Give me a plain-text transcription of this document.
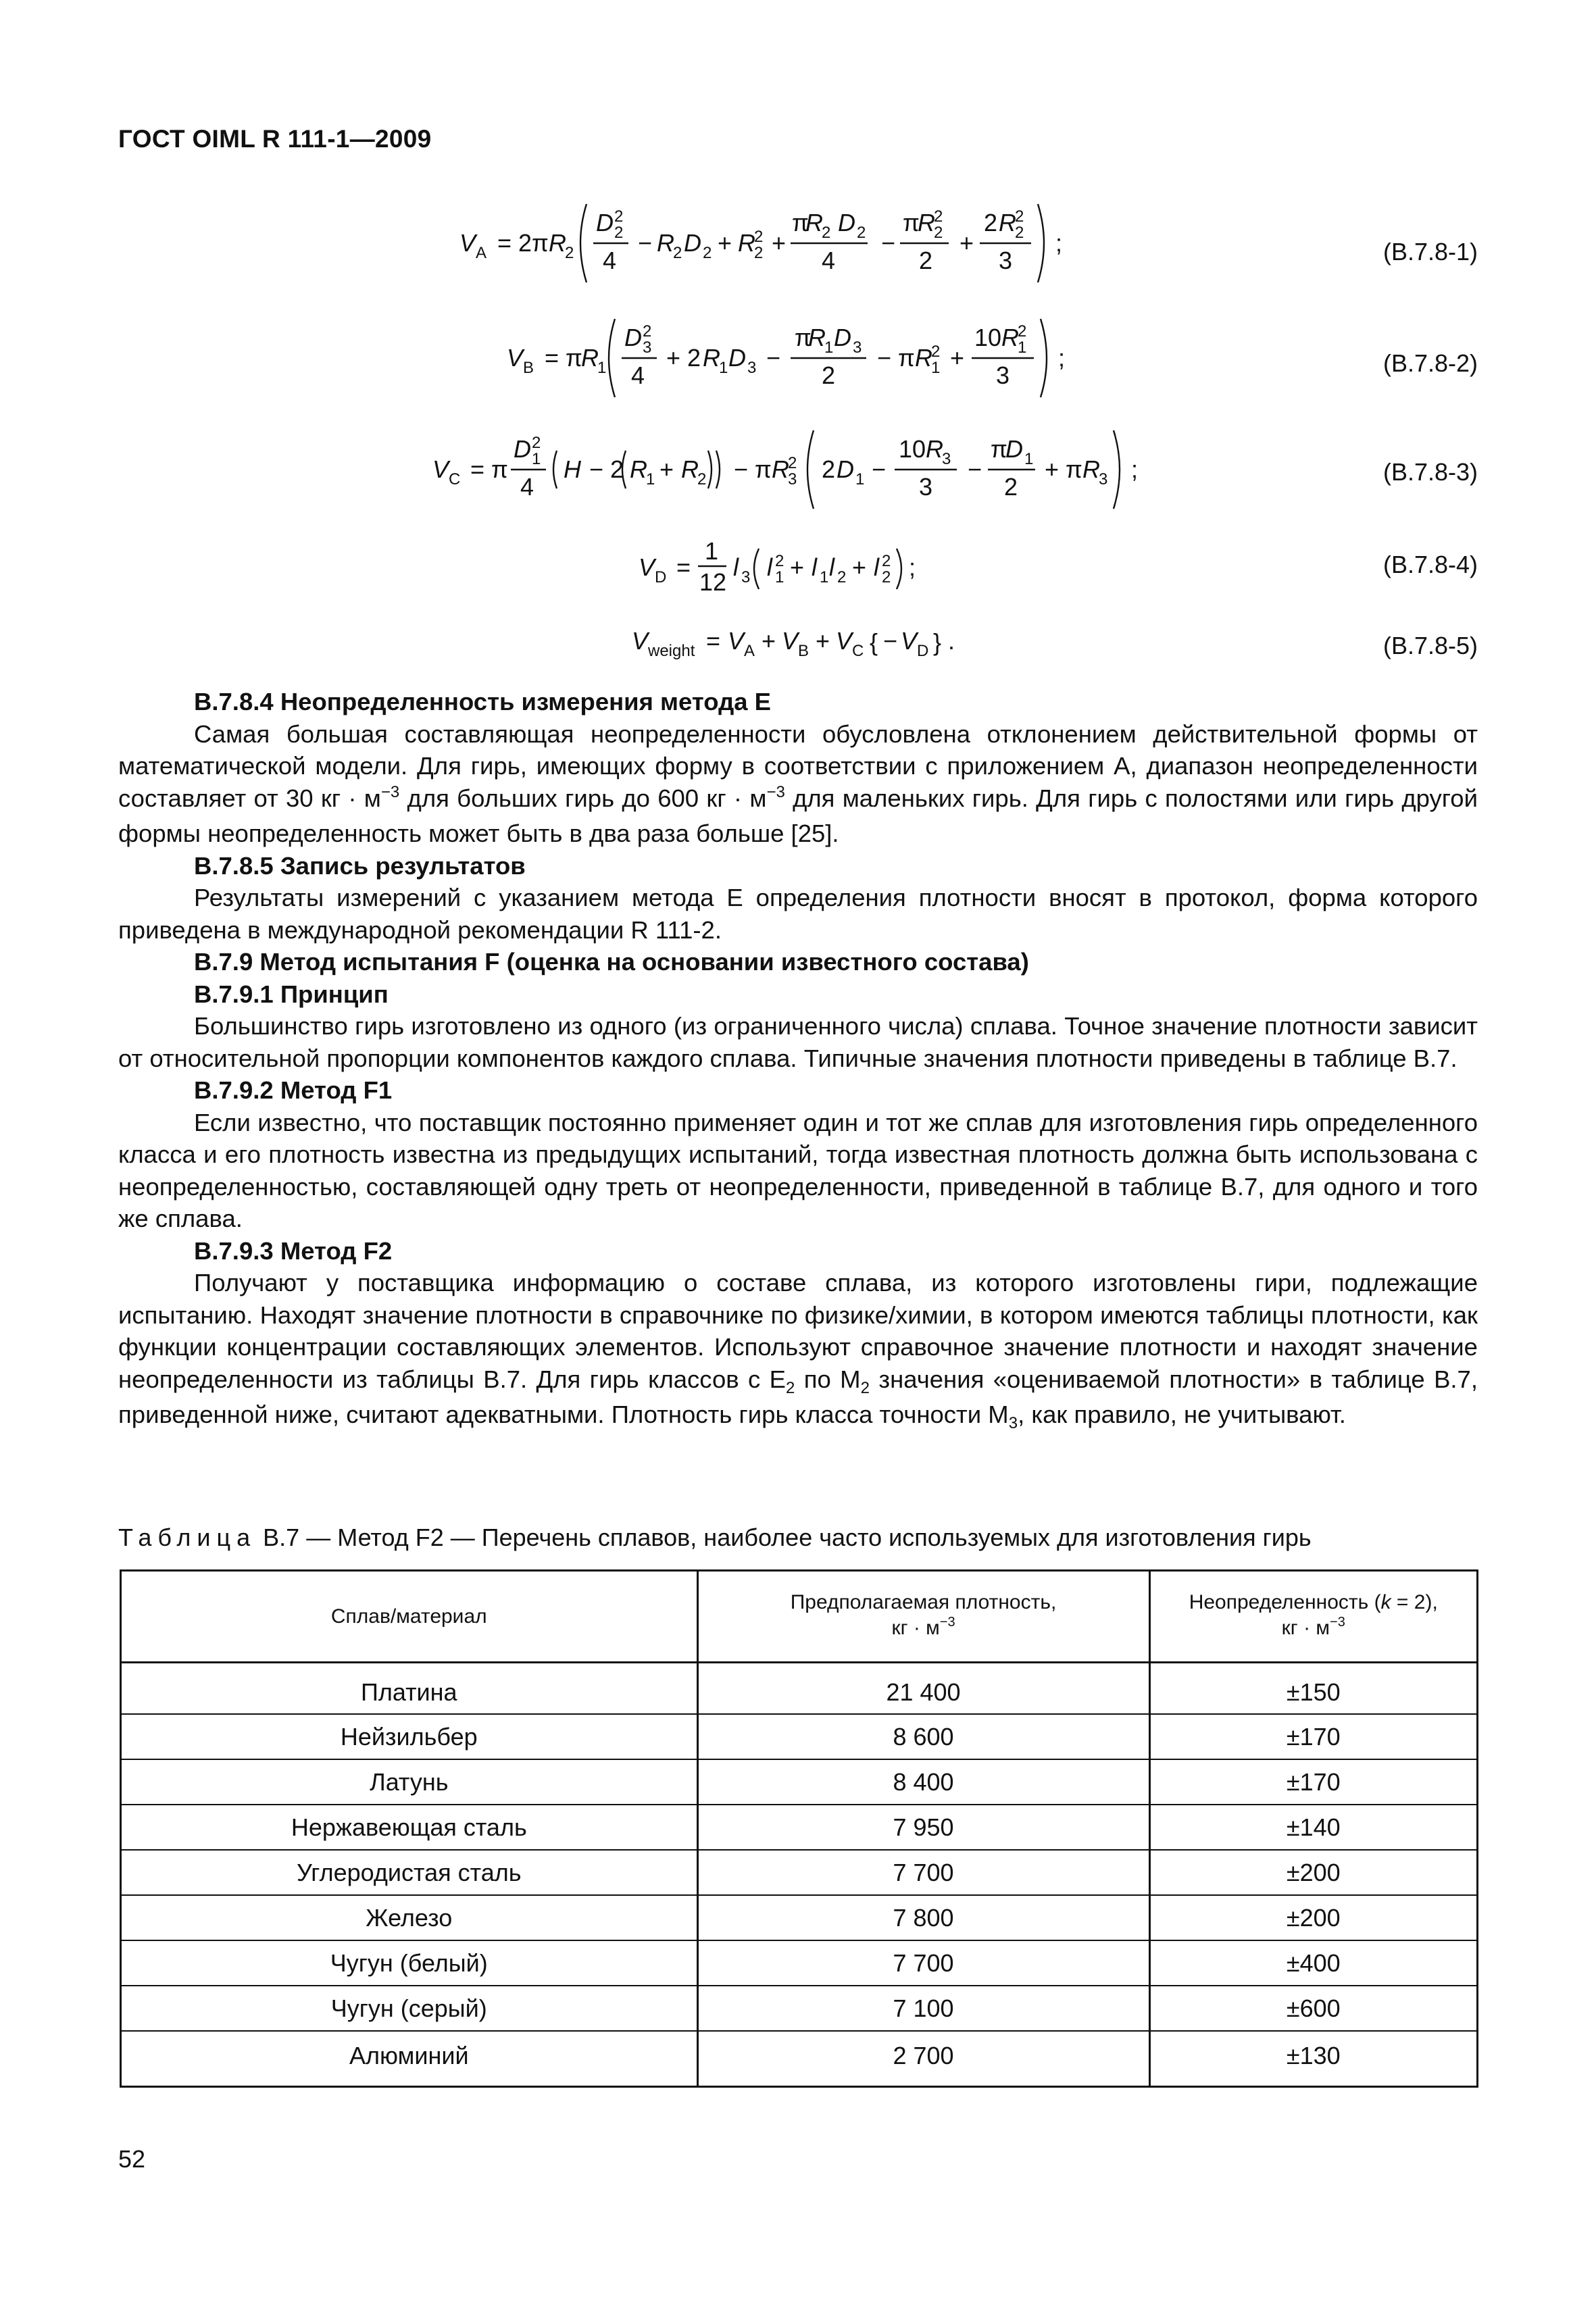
ГОСТ OIML R 111-1—2009
V A = 2π R
2
D 2
2
4
− R
2 D 2 + R
2
2 +
π
R
2 D 2
4
−
π
R
2
2
2
+
2 R
2
2
3
;	(В.7.8-1)
V B = π
R
1
D 2
3
4
+ 2 R
1 D 3 −
π
R
1 D 3
2
− π R
2
1 +
10 R
2
1
3
;	(В.7.8-2)
V C = π
D 2
1
4
H − 2 R
1 + R
2 − π R
2
3 2 D 1 −
10 R
3
3
−
π
D 1
2
+ π R
3 ;	(В.7.8-3)
V D =
1
12
l 3 l 2
1 + l 1 l 2 + l 2
2 ;	(В.7.8-4)
V weight = V A + V B + V C { − V D } .	(В.7.8-5)

В.7.8.4 Неопределенность измерения метода Е

Самая большая составляющая неопределенности обусловлена отклонением действительной формы от математической модели. Для гирь, имеющих форму в соответствии с приложением А, диапазон неопределенности составляет от 30 кг · $м^{-3}$ для больших гирь до 600 кг · $м^{-3}$ для маленьких гирь. Для гирь с полостями или гирь другой формы неопределенность может быть в два раза больше [25].

В.7.8.5 Запись результатов

Результаты измерений с указанием метода Е определения плотности вносят в протокол, форма которого приведена в международной рекомендации R 111-2.

В.7.9 Метод испытания F (оценка на основании известного состава)

В.7.9.1 Принцип

Большинство гирь изготовлено из одного (из ограниченного числа) сплава. Точное значение плотности зависит от относительной пропорции компонентов каждого сплава. Типичные значения плотности приведены в таблице В.7.

В.7.9.2 Метод F1

Если известно, что поставщик постоянно применяет один и тот же сплав для изготовления гирь определенного класса и его плотность известна из предыдущих испытаний, тогда известная плотность должна быть использована с неопределенностью, составляющей одну треть от неопределенности, приведенной в таблице В.7, для одного и того же сплава.

В.7.9.3 Метод F2

Получают у поставщика информацию о составе сплава, из которого изготовлены гири, подлежащие испытанию. Находят значение плотности в справочнике по физике/химии, в котором имеются таблицы плотности, как функции концентрации составляющих элементов. Используют справочное значение плотности и находят значение неопределенности из таблицы В.7. Для гирь классов с $Е_2$ по $М_2$ значения «оцениваемой плотности» в таблице В.7, приведенной ниже, считают адекватными. Плотность гирь класса точности $М_3$, как правило, не учитывают.

Таблица В.7 — Метод F2 — Перечень сплавов, наиболее часто используемых для изготовления гирь
Сплав/материал	Предполагаемая плотность,
кг · $м^{-3}$	Неопределенность (k = 2),
кг · $м^{-3}$
Платина	21 400	±150
Нейзильбер	8 600	±170
Латунь	8 400	±170
Нержавеющая сталь	7 950	±140
Углеродистая сталь	7 700	±200
Железо	7 800	±200
Чугун (белый)	7 700	±400
Чугун (серый)	7 100	±600
Алюминий	2 700	±130
52
